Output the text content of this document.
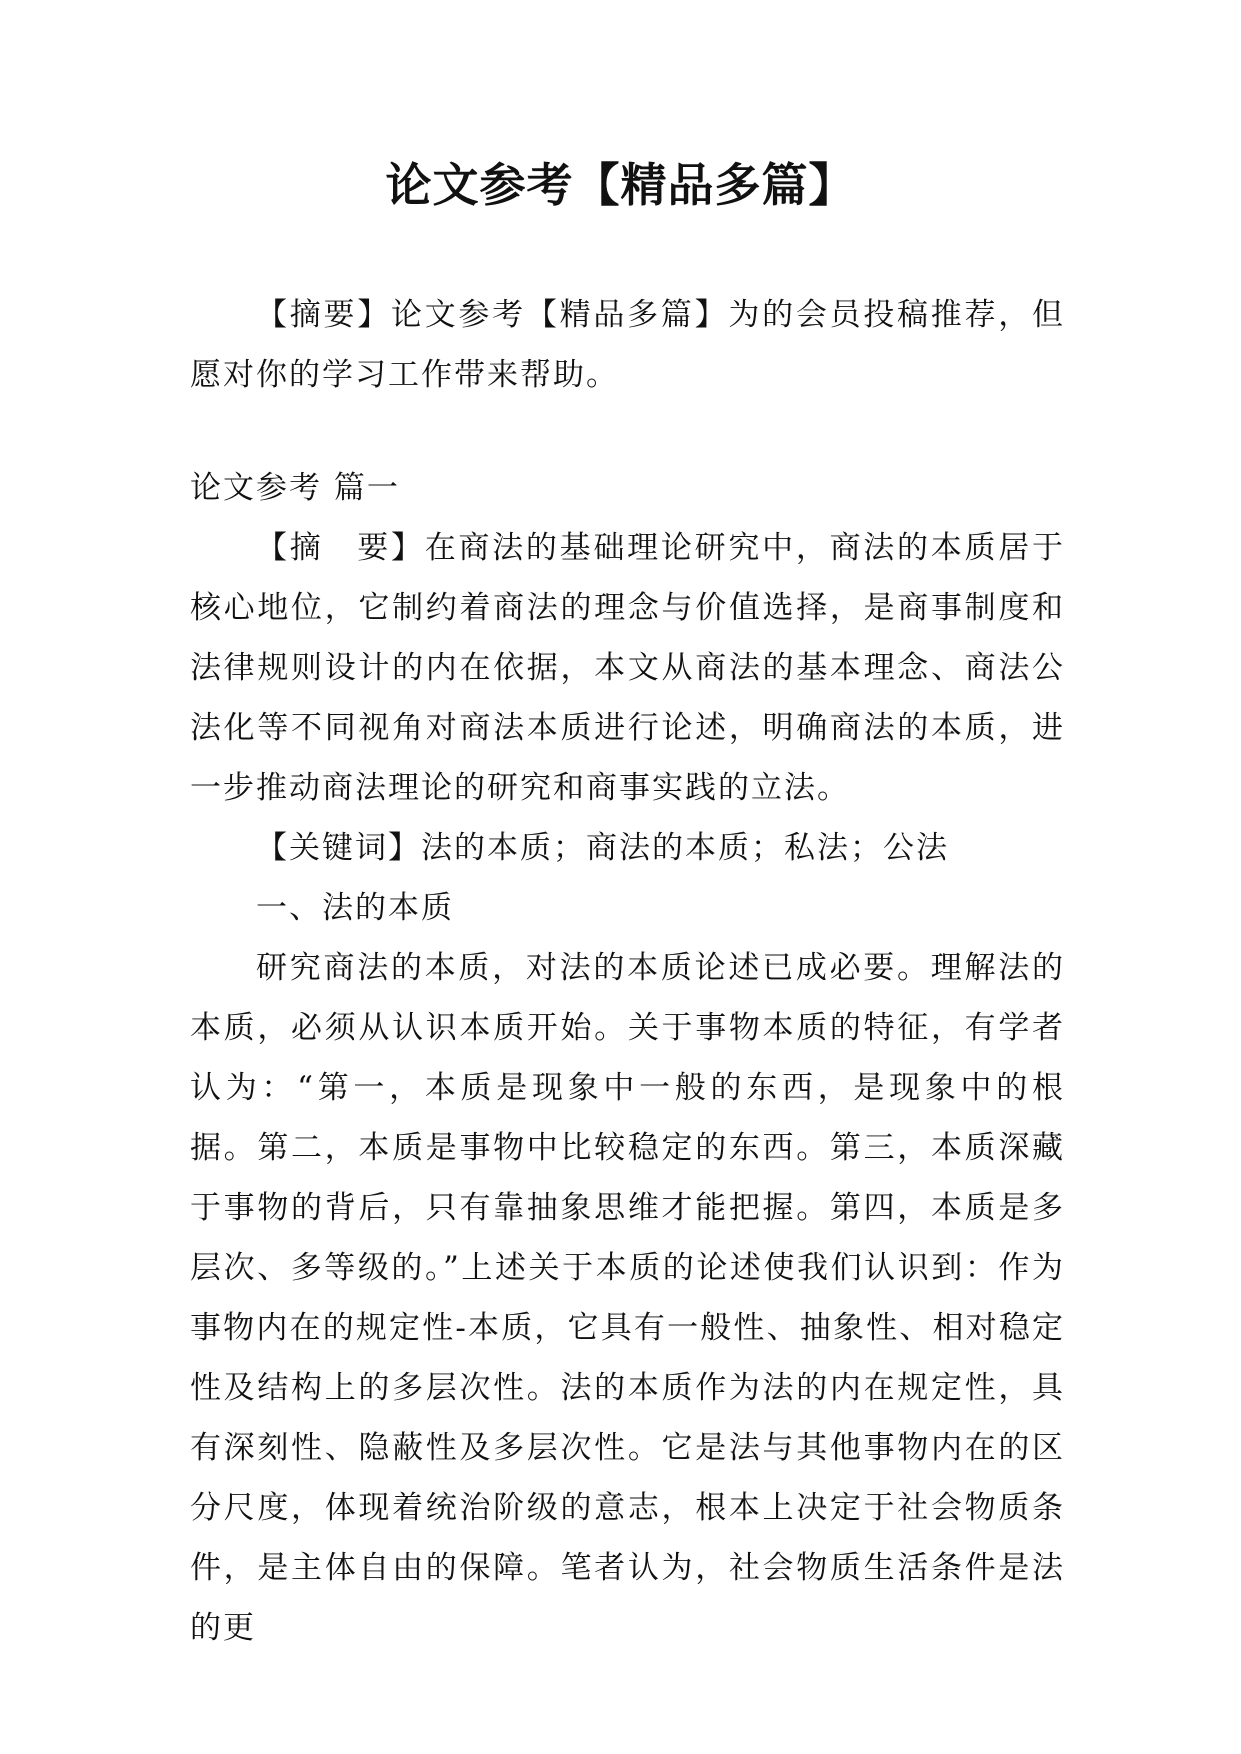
论文参考【精品多篇】

【摘要】论文参考【精品多篇】为的会员投稿推荐，但愿对你的学习工作带来帮助。

论文参考 篇一

【摘　要】在商法的基础理论研究中，商法的本质居于核心地位，它制约着商法的理念与价值选择，是商事制度和法律规则设计的内在依据，本文从商法的基本理念、商法公法化等不同视角对商法本质进行论述，明确商法的本质，进一步推动商法理论的研究和商事实践的立法。

【关键词】法的本质；商法的本质；私法；公法

一、法的本质

研究商法的本质，对法的本质论述已成必要。理解法的本质，必须从认识本质开始。关于事物本质的特征，有学者认为：“第一，本质是现象中一般的东西，是现象中的根据。第二，本质是事物中比较稳定的东西。第三，本质深藏于事物的背后，只有靠抽象思维才能把握。第四，本质是多层次、多等级的。”上述关于本质的论述使我们认识到：作为事物内在的规定性-本质，它具有一般性、抽象性、相对稳定性及结构上的多层次性。法的本质作为法的内在规定性，具有深刻性、隐蔽性及多层次性。它是法与其他事物内在的区分尺度，体现着统治阶级的意志，根本上决定于社会物质条件，是主体自由的保障。笔者认为，社会物质生活条件是法的更
